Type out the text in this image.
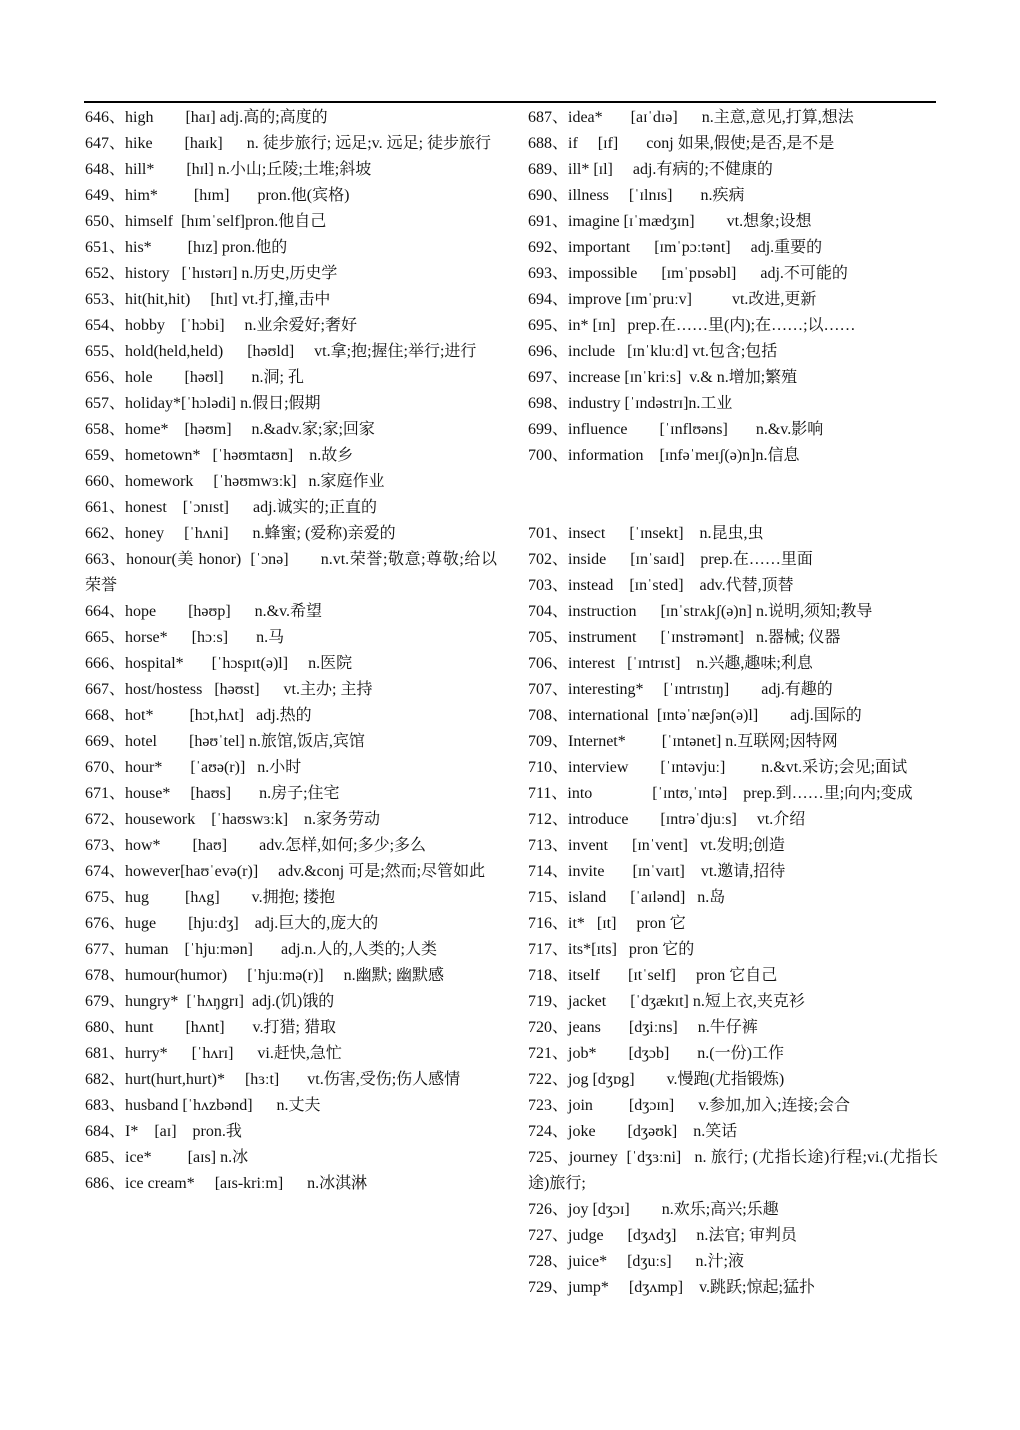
646、high        [haɪ] adj.高的;高度的

647、hike        [haɪk]      n. 徒步旅行; 远足;v. 远足; 徒步旅行

648、hill*        [hɪl] n.小山;丘陵;土堆;斜坡

649、him*         [hɪm]       pron.他(宾格)

650、himself  [hɪmˈself]pron.他自己

651、his*         [hɪz] pron.他的

652、history   [ˈhɪstərɪ] n.历史,历史学

653、hit(hit,hit)     [hɪt] vt.打,撞,击中

654、hobby    [ˈhɔbi]     n.业余爱好;奢好

655、hold(held,held)      [həʊld]     vt.拿;抱;握住;举行;进行

656、hole        [həʊl]       n.洞; 孔

657、holiday*[ˈhɔlədi] n.假日;假期

658、home*    [həʊm]     n.&adv.家;家;回家

659、hometown*   [ˈhəʊmtaʊn]    n.故乡

660、homework     [ˈhəʊmwɜːk]   n.家庭作业

661、honest    [ˈɔnɪst]      adj.诚实的;正直的

662、honey     [ˈhʌni]      n.蜂蜜; (爱称)亲爱的

663、honour(美 honor)  [ˈɔnə]       n.vt.荣誉;敬意;尊敬;给以荣誉

664、hope        [həʊp]      n.&v.希望

665、horse*      [hɔːs]       n.马

666、hospital*       [ˈhɔspɪt(ə)l]     n.医院

667、host/hostess   [həʊst]      vt.主办; 主持

668、hot*         [hɔt,hʌt]   adj.热的

669、hotel        [həʊˈtel] n.旅馆,饭店,宾馆

670、hour*       [ˈaʊə(r)]   n.小时

671、house*     [haʊs]       n.房子;住宅

672、housework    [ˈhaʊswɜːk]    n.家务劳动

673、how*        [haʊ]        adv.怎样,如何;多少;多么

674、however[haʊˈevə(r)]     adv.&conj 可是;然而;尽管如此

675、hug         [hʌg]        v.拥抱; 搂抱

676、huge        [hjuːdʒ]    adj.巨大的,庞大的

677、human    [ˈhjuːmən]       adj.n.人的,人类的;人类

678、humour(humor)     [ˈhjuːmə(r)]     n.幽默; 幽默感

679、hungry*  [ˈhʌŋgrɪ]  adj.(饥)饿的

680、hunt        [hʌnt]       v.打猎; 猎取

681、hurry*      [ˈhʌrɪ]      vi.赶快,急忙

682、hurt(hurt,hurt)*     [hɜːt]       vt.伤害,受伤;伤人感情

683、husband [ˈhʌzbənd]      n.丈夫

684、I*    [aɪ]    pron.我

685、ice*         [aɪs] n.冰

686、ice cream*     [aɪs-kriːm]      n.冰淇淋

687、idea*       [aɪˈdɪə]      n.主意,意见,打算,想法

688、if     [ɪf]       conj 如果,假使;是否,是不是

689、ill* [ɪl]     adj.有病的;不健康的

690、illness     [ˈɪlnɪs]       n.疾病

691、imagine [ɪˈmædʒɪn]        vt.想象;设想

692、important      [ɪmˈpɔːtənt]     adj.重要的

693、impossible      [ɪmˈpɒsəbl]      adj.不可能的

694、improve [ɪmˈpruːv]          vt.改进,更新

695、in* [ɪn]   prep.在……里(内);在……;以……

696、include   [ɪnˈkluːd] vt.包含;包括

697、increase [ɪnˈkriːs]  v.& n.增加;繁殖

698、industry [ˈɪndəstrɪ]n.工业

699、influence        [ˈɪnflʊəns]       n.&v.影响

700、information    [ɪnfəˈmeɪʃ(ə)n]n.信息

701、insect      [ˈɪnsekt]    n.昆虫,虫

702、inside      [ɪnˈsaɪd]    prep.在……里面

703、instead    [ɪnˈsted]    adv.代替,顶替

704、instruction      [ɪnˈstrʌkʃ(ə)n] n.说明,须知;教导

705、instrument      [ˈɪnstrəmənt]   n.器械; 仪器

706、interest   [ˈɪntrɪst]    n.兴趣,趣味;利息

707、interesting*     [ˈɪntrɪstɪŋ]        adj.有趣的

708、international  [ɪntəˈnæʃən(ə)l]        adj.国际的

709、Internet*         [ˈɪntənet] n.互联网;因特网

710、interview        [ˈɪntəvjuː]         n.&vt.采访;会见;面试

711、into               [ˈɪntʊ,ˈɪntə]    prep.到……里;向内;变成

712、introduce        [ɪntrəˈdjuːs]     vt.介绍

713、invent      [ɪnˈvent]   vt.发明;创造

714、invite       [ɪnˈvaɪt]    vt.邀请,招待

715、island      [ˈaɪlənd]   n.岛

716、it*   [ɪt]     pron 它

717、its*[ɪts]   pron 它的

718、itself       [ɪtˈself]     pron 它自己

719、jacket      [ˈdʒækɪt] n.短上衣,夹克衫

720、jeans       [dʒiːns]     n.牛仔裤

721、job*        [dʒɔb]       n.(一份)工作

722、jog [dʒɒg]        v.慢跑(尤指锻炼)

723、join         [dʒɔɪn]      v.参加,加入;连接;会合

724、joke        [dʒəʊk]    n.笑话

725、journey  [ˈdʒɜːni]   n. 旅行; (尤指长途)行程;vi.(尤指长途)旅行;

726、joy [dʒɔɪ]        n.欢乐;高兴;乐趣

727、judge      [dʒʌdʒ]     n.法官; 审判员

728、juice*     [dʒuːs]      n.汁;液

729、jump*     [dʒʌmp]    v.跳跃;惊起;猛扑
